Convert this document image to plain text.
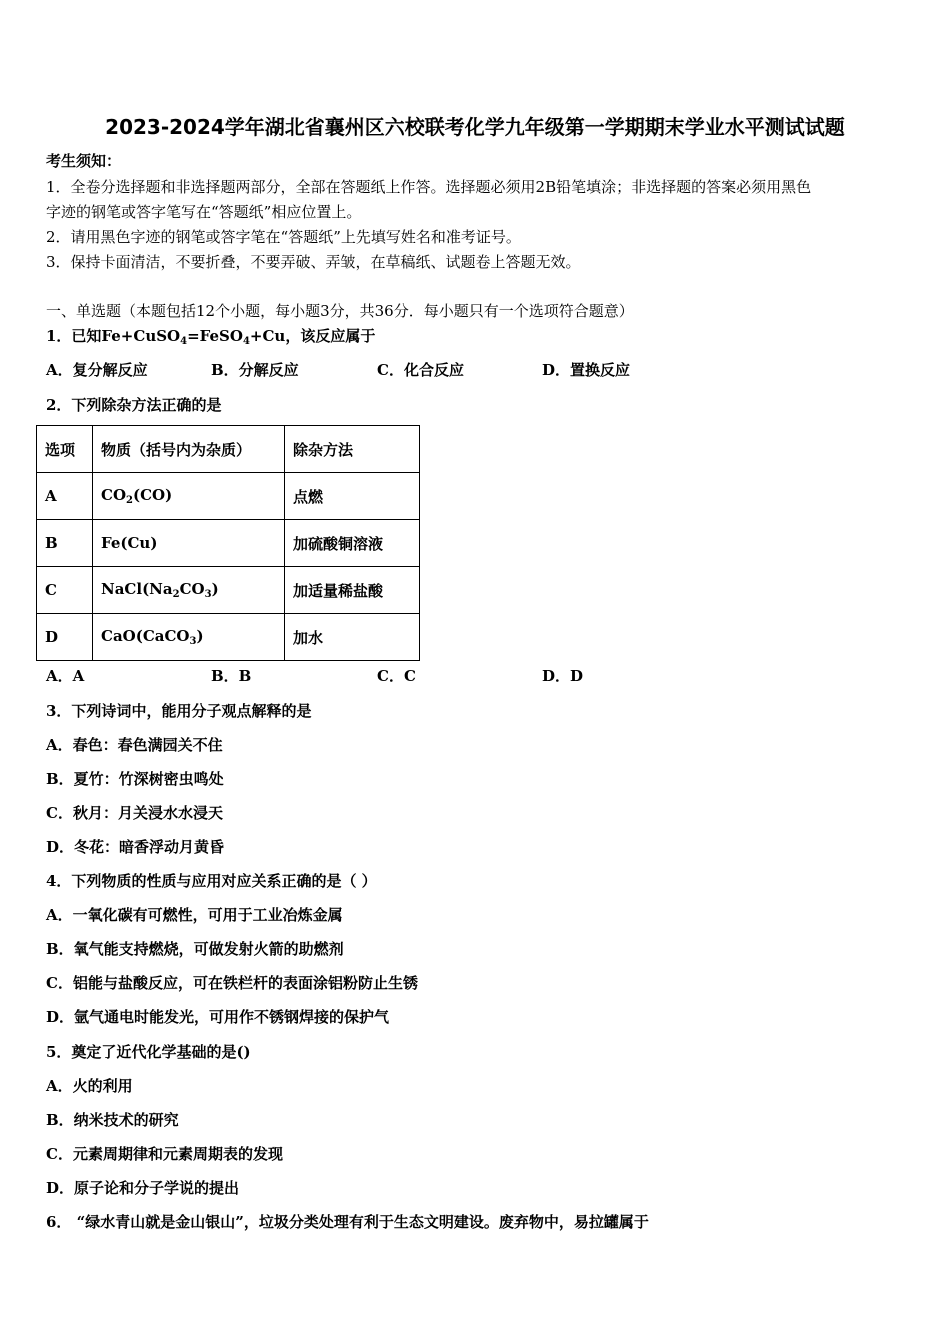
2023-2024学年湖北省襄州区六校联考化学九年级第一学期期末学业水平测试试题
考生须知：
1．全卷分选择题和非选择题两部分，全部在答题纸上作答。选择题必须用2B铅笔填涂；非选择题的答案必须用黑色
字迹的钢笔或答字笔写在“答题纸”相应位置上。
2．请用黑色字迹的钢笔或答字笔在“答题纸”上先填写姓名和准考证号。
3．保持卡面清洁，不要折叠，不要弄破、弄皱，在草稿纸、试题卷上答题无效。
一、单选题（本题包括12个小题，每小题3分，共36分．每小题只有一个选项符合题意）
1．已知Fe+CuSO$_4$=FeSO$_4$+Cu，该反应属于
A．复分解反应	B．分解反应	C．化合反应	D．置换反应
2．下列除杂方法正确的是
选项	物质（括号内为杂质）	除杂方法
A	$CO_2(CO)$	点燃
B	Fe(Cu)	加硫酸铜溶液
C	$NaCl(Na_2CO_3)$	加适量稀盐酸
D	CaO(CaCO$_3$)	加水
A．A	B．B	C．C	D．D
3．下列诗词中，能用分子观点解释的是
A．春色：春色满园关不住
B．夏竹：竹深树密虫鸣处
C．秋月：月关浸水水浸天
D．冬花：暗香浮动月黄昏
4．下列物质的性质与应用对应关系正确的是（ ）
A．一氧化碳有可燃性，可用于工业冶炼金属
B．氧气能支持燃烧，可做发射火箭的助燃剂
C．铝能与盐酸反应，可在铁栏杆的表面涂铝粉防止生锈
D．氩气通电时能发光，可用作不锈钢焊接的保护气
5．奠定了近代化学基础的是()
A．火的利用
B．纳米技术的研究
C．元素周期律和元素周期表的发现
D．原子论和分子学说的提出
6． “绿水青山就是金山银山”，垃圾分类处理有利于生态文明建设。废弃物中，易拉罐属于
